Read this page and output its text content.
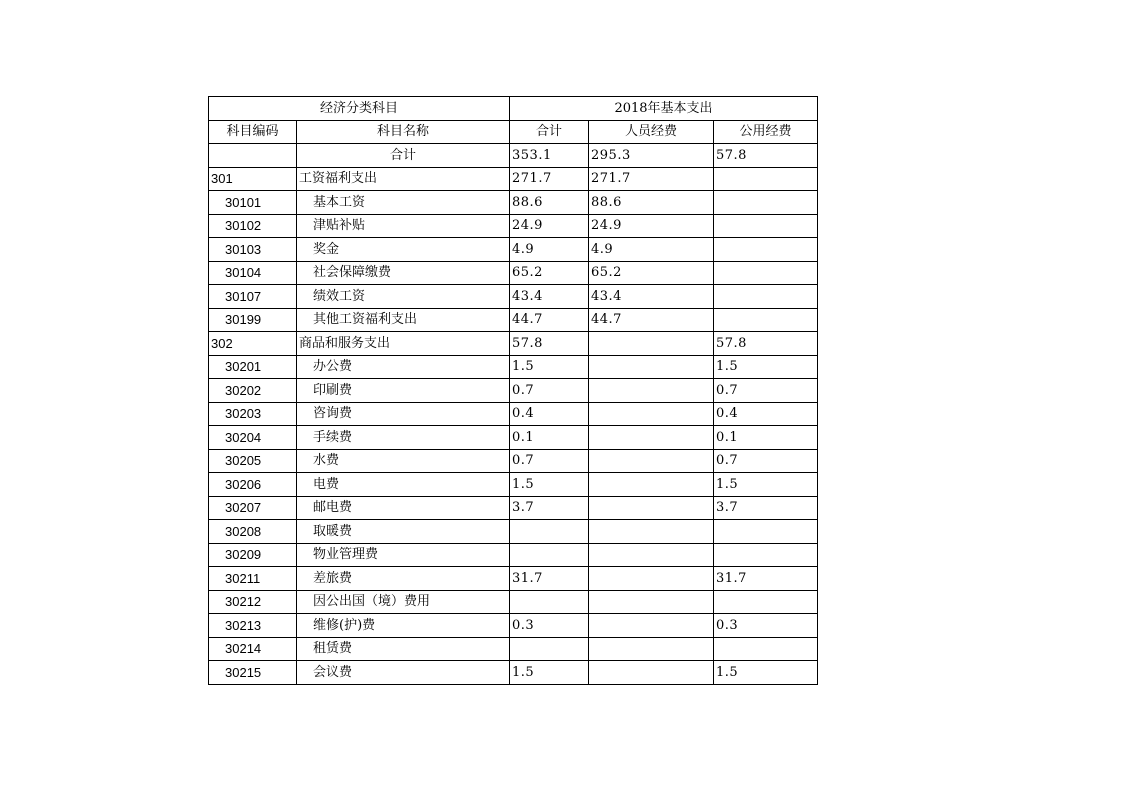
经济分类科目		2018年基本支出		
科目编码	科目名称	合计	人员经费	公用经费
	合计	353.1	295.3	57.8
301	工资福利支出	271.7	271.7	
30101	基本工资	88.6	88.6	
30102	津贴补贴	24.9	24.9	
30103	奖金	4.9	4.9	
30104	社会保障缴费	65.2	65.2	
30107	绩效工资	43.4	43.4	
30199	其他工资福利支出	44.7	44.7	
302	商品和服务支出	57.8		57.8
30201	办公费	1.5		1.5
30202	印刷费	0.7		0.7
30203	咨询费	0.4		0.4
30204	手续费	0.1		0.1
30205	水费	0.7		0.7
30206	电费	1.5		1.5
30207	邮电费	3.7		3.7
30208	取暖费			
30209	物业管理费			
30211	差旅费	31.7		31.7
30212	因公出国（境）费用			
30213	维修(护)费	0.3		0.3
30214	租赁费			
30215	会议费	1.5		1.5
